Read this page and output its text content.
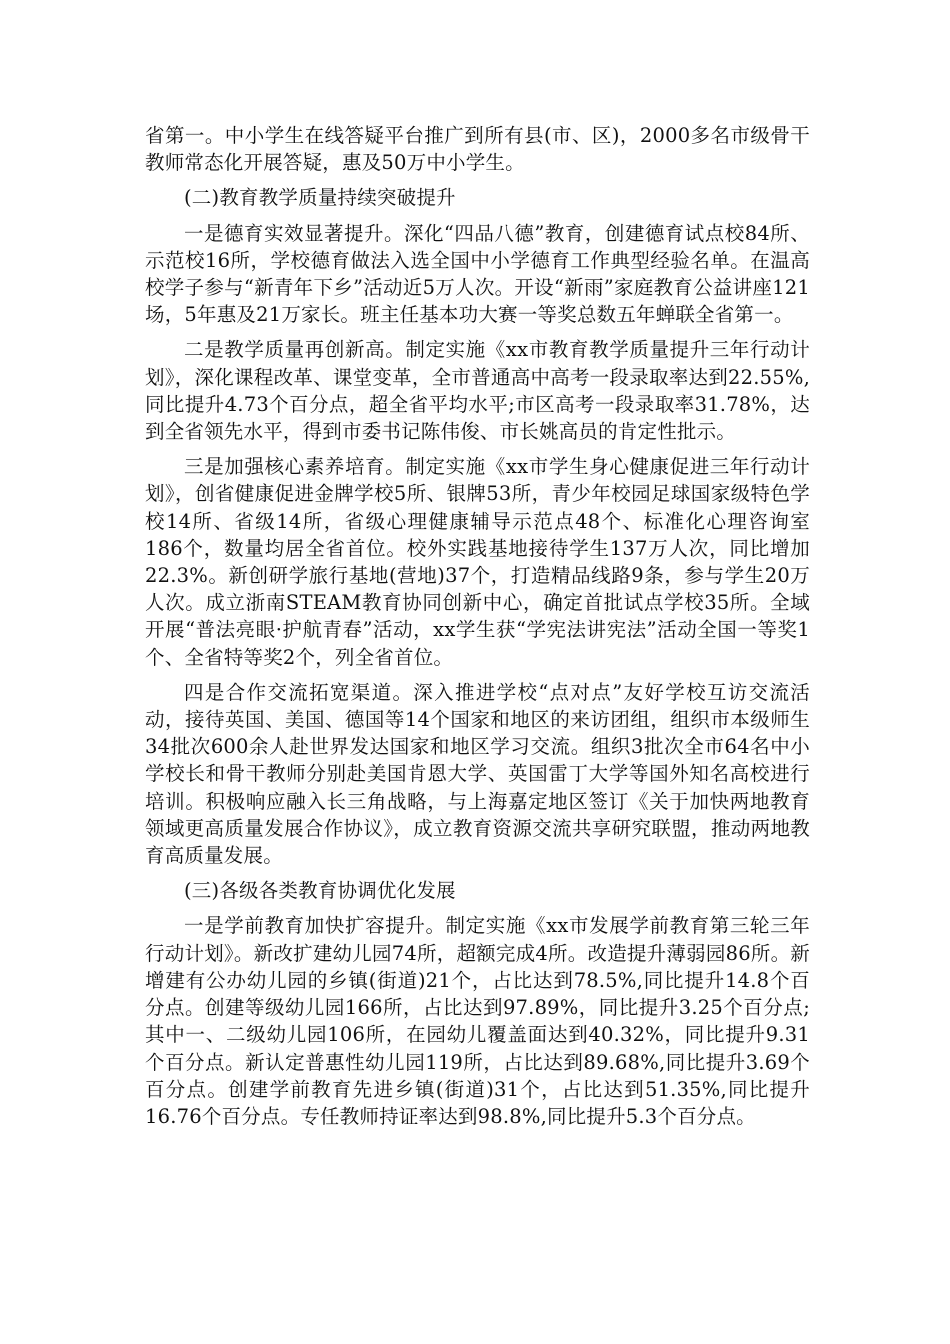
省第一。中小学生在线答疑平台推广到所有县(市、区)，2000多名市级骨干教师常态化开展答疑，惠及50万中小学生。

(二)教育教学质量持续突破提升

一是德育实效显著提升。深化“四品八德”教育，创建德育试点校84所、示范校16所，学校德育做法入选全国中小学德育工作典型经验名单。在温高校学子参与“新青年下乡”活动近5万人次。开设“新雨”家庭教育公益讲座121场，5年惠及21万家长。班主任基本功大赛一等奖总数五年蝉联全省第一。

二是教学质量再创新高。制定实施《xx市教育教学质量提升三年行动计划》，深化课程改革、课堂变革，全市普通高中高考一段录取率达到22.55%,同比提升4.73个百分点，超全省平均水平;市区高考一段录取率31.78%，达到全省领先水平，得到市委书记陈伟俊、市长姚高员的肯定性批示。

三是加强核心素养培育。制定实施《xx市学生身心健康促进三年行动计划》，创省健康促进金牌学校5所、银牌53所，青少年校园足球国家级特色学校14所、省级14所，省级心理健康辅导示范点48个、标准化心理咨询室186个，数量均居全省首位。校外实践基地接待学生137万人次，同比增加22.3%。新创研学旅行基地(营地)37个，打造精品线路9条，参与学生20万人次。成立浙南STEAM教育协同创新中心，确定首批试点学校35所。全域开展“普法亮眼·护航青春”活动，xx学生获“学宪法讲宪法”活动全国一等奖1个、全省特等奖2个，列全省首位。

四是合作交流拓宽渠道。深入推进学校“点对点”友好学校互访交流活动，接待英国、美国、德国等14个国家和地区的来访团组，组织市本级师生34批次600余人赴世界发达国家和地区学习交流。组织3批次全市64名中小学校长和骨干教师分别赴美国肯恩大学、英国雷丁大学等国外知名高校进行培训。积极响应融入长三角战略，与上海嘉定地区签订《关于加快两地教育领域更高质量发展合作协议》，成立教育资源交流共享研究联盟，推动两地教育高质量发展。

(三)各级各类教育协调优化发展

一是学前教育加快扩容提升。制定实施《xx市发展学前教育第三轮三年行动计划》。新改扩建幼儿园74所，超额完成4所。改造提升薄弱园86所。新增建有公办幼儿园的乡镇(街道)21个，占比达到78.5%,同比提升14.8个百分点。创建等级幼儿园166所，占比达到97.89%，同比提升3.25个百分点;其中一、二级幼儿园106所，在园幼儿覆盖面达到40.32%，同比提升9.31个百分点。新认定普惠性幼儿园119所，占比达到89.68%,同比提升3.69个百分点。创建学前教育先进乡镇(街道)31个，占比达到51.35%,同比提升16.76个百分点。专任教师持证率达到98.8%,同比提升5.3个百分点。
